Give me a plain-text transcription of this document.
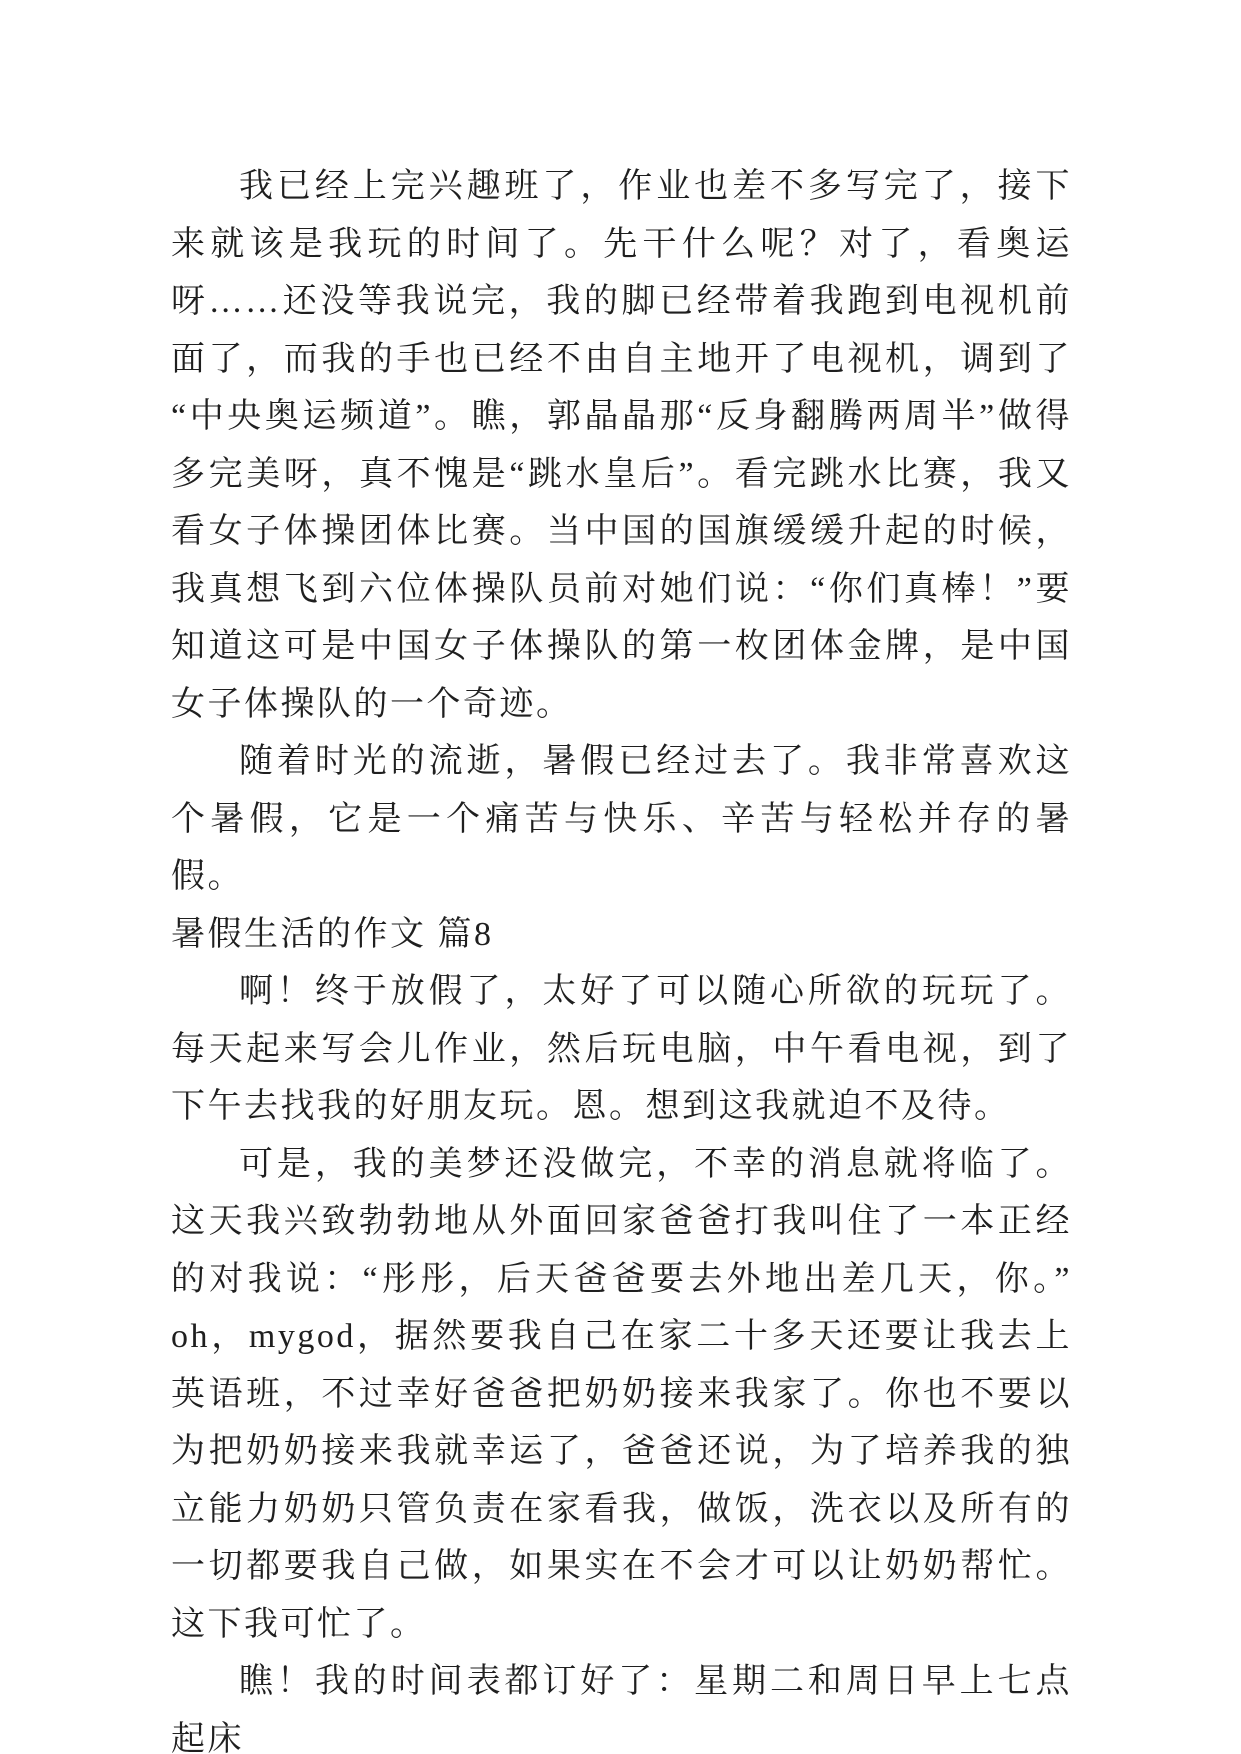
我已经上完兴趣班了，作业也差不多写完了，接下来就该是我玩的时间了。先干什么呢？对了，看奥运呀……还没等我说完，我的脚已经带着我跑到电视机前面了，而我的手也已经不由自主地开了电视机，调到了“中央奥运频道”。瞧，郭晶晶那“反身翻腾两周半”做得多完美呀，真不愧是“跳水皇后”。看完跳水比赛，我又看女子体操团体比赛。当中国的国旗缓缓升起的时候，我真想飞到六位体操队员前对她们说：“你们真棒！”要知道这可是中国女子体操队的第一枚团体金牌，是中国女子体操队的一个奇迹。

随着时光的流逝，暑假已经过去了。我非常喜欢这个暑假，它是一个痛苦与快乐、辛苦与轻松并存的暑假。

暑假生活的作文 篇8

啊！终于放假了，太好了可以随心所欲的玩玩了。每天起来写会儿作业，然后玩电脑，中午看电视，到了下午去找我的好朋友玩。恩。想到这我就迫不及待。

可是，我的美梦还没做完，不幸的消息就将临了。这天我兴致勃勃地从外面回家爸爸打我叫住了一本正经的对我说：“彤彤，后天爸爸要去外地出差几天，你。”oh，mygod，据然要我自己在家二十多天还要让我去上英语班，不过幸好爸爸把奶奶接来我家了。你也不要以为把奶奶接来我就幸运了，爸爸还说，为了培养我的独立能力奶奶只管负责在家看我，做饭，洗衣以及所有的一切都要我自己做，如果实在不会才可以让奶奶帮忙。这下我可忙了。

瞧！我的时间表都订好了：星期二和周日早上七点起床
